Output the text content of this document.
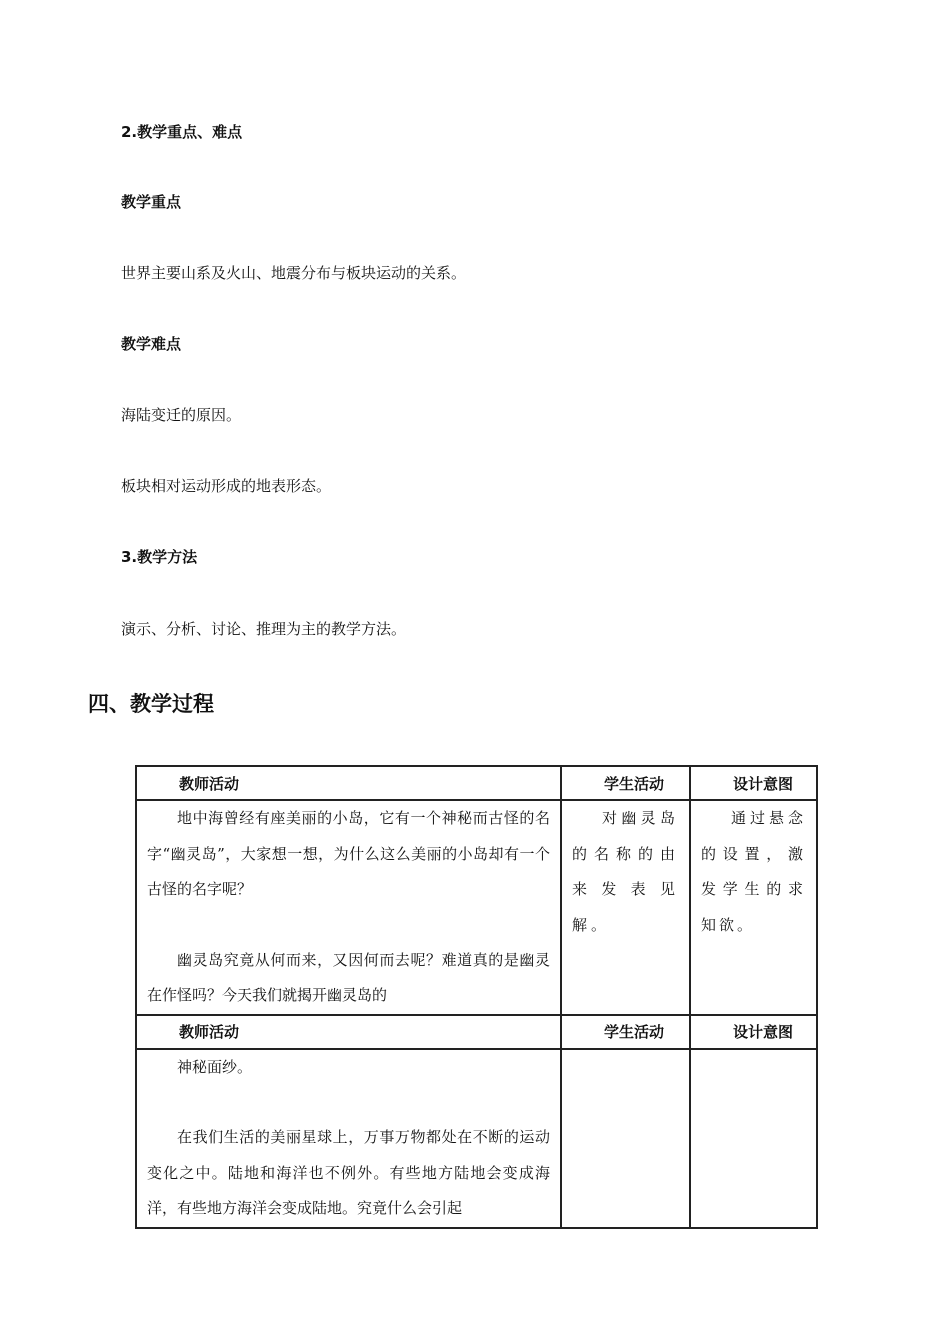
2.教学重点、难点
教学重点
世界主要山系及火山、地震分布与板块运动的关系。
教学难点
海陆变迁的原因。
板块相对运动形成的地表形态。
3.教学方法
演示、分析、讨论、推理为主的教学方法。
四、教学过程
教师活动	学生活动	设计意图

地中海曾经有座美丽的小岛，它有一个神秘而古怪的名字“幽灵岛”，大家想一想，为什么这么美丽的小岛却有一个古怪的名字呢？
幽灵岛究竟从何而来，又因何而去呢？难道真的是幽灵在作怪吗？今天我们就揭开幽灵岛的	对幽灵岛的名称的由来发表见解。	通过悬念的设置，激发学生的求知欲。

教师活动	学生活动	设计意图

神秘面纱。
在我们生活的美丽星球上，万事万物都处在不断的运动变化之中。陆地和海洋也不例外。有些地方陆地会变成海洋，有些地方海洋会变成陆地。究竟什么会引起		
